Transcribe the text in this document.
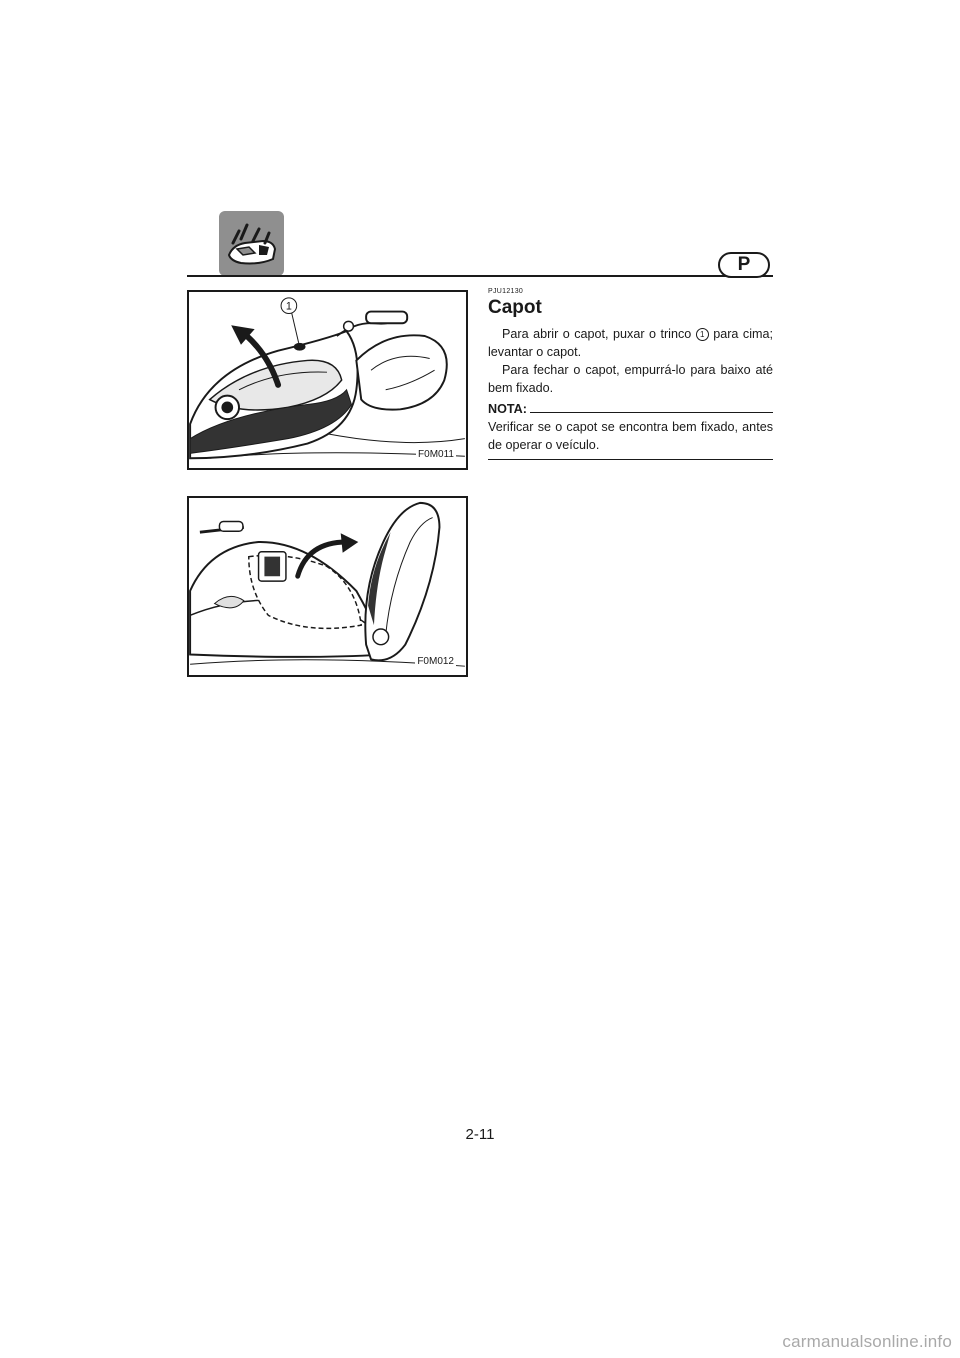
P
1
F0M011
F0M012
PJU12130
Capot

Para abrir o capot, puxar o trinco 1 para cima; levantar o capot.

Para fechar o capot, empurrá-lo para baixo até bem fixado.

NOTA:

Verificar se o capot se encontra bem fixado, antes de operar o veículo.

2-11
carmanualsonline.info
